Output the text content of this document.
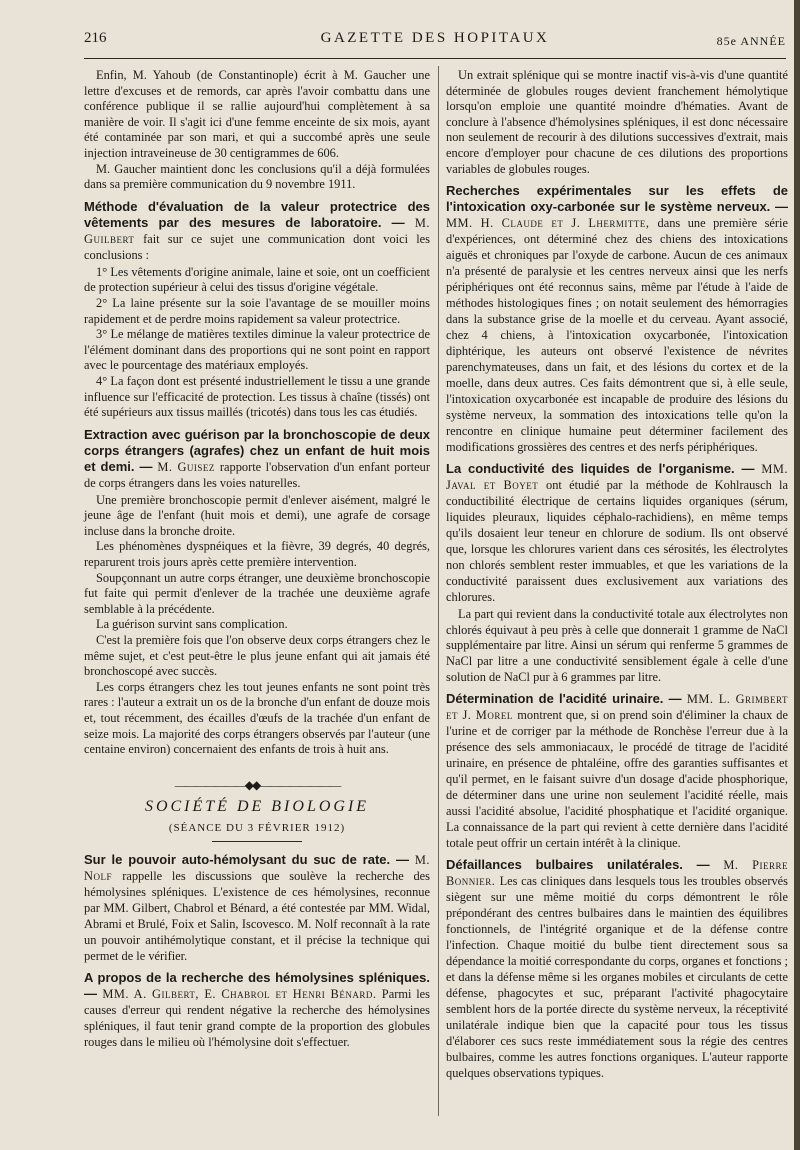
216	GAZETTE DES HOPITAUX	85e ANNÉE

Enfin, M. Yahoub (de Constantinople) écrit à M. Gaucher une lettre d'excuses et de remords, car après l'avoir combattu dans une conférence publique il se rallie aujourd'hui complètement à sa manière de voir. Il s'agit ici d'une femme enceinte de six mois, ayant été contaminée par son mari, et qui a succombé après une seule injection intraveineuse de 30 centigrammes de 606.

M. Gaucher maintient donc les conclusions qu'il a déjà formulées dans sa première communication du 9 novembre 1911.

Méthode d'évaluation de la valeur protectrice des vêtements par des mesures de laboratoire. — M. Guilbert fait sur ce sujet une communication dont voici les conclusions :

1° Les vêtements d'origine animale, laine et soie, ont un coefficient de protection supérieur à celui des tissus d'origine végétale.

2° La laine présente sur la soie l'avantage de se mouiller moins rapidement et de perdre moins rapidement sa valeur protectrice.

3° Le mélange de matières textiles diminue la valeur protectrice de l'élément dominant dans des proportions qui ne sont point en rapport avec le pourcentage des matériaux employés.

4° La façon dont est présenté industriellement le tissu a une grande influence sur l'efficacité de protection. Les tissus à chaîne (tissés) ont été supérieurs aux tissus maillés (tricotés) dans tous les cas étudiés.

Extraction avec guérison par la bronchoscopie de deux corps étrangers (agrafes) chez un enfant de huit mois et demi. — M. Guisez rapporte l'observation d'un enfant porteur de corps étrangers dans les voies naturelles.

Une première bronchoscopie permit d'enlever aisément, malgré le jeune âge de l'enfant (huit mois et demi), une agrafe de corsage incluse dans la bronche droite.

Les phénomènes dyspnéiques et la fièvre, 39 degrés, 40 degrés, reparurent trois jours après cette première intervention.

Soupçonnant un autre corps étranger, une deuxième bronchoscopie fut faite qui permit d'enlever de la trachée une deuxième agrafe semblable à la précédente.

La guérison survint sans complication.

C'est la première fois que l'on observe deux corps étrangers chez le même sujet, et c'est peut-être le plus jeune enfant qui ait jamais été bronchoscopé avec succès.

Les corps étrangers chez les tout jeunes enfants ne sont point très rares : l'auteur a extrait un os de la bronche d'un enfant de douze mois et, tout récemment, des écailles d'œufs de la trachée d'un enfant de seize mois. La majorité des corps étrangers observés par l'auteur (une centaine environ) concernaient des enfants de trois à huit ans.

———————◆◆————————
SOCIÉTÉ DE BIOLOGIE
(SÉANCE DU 3 FÉVRIER 1912)
Sur le pouvoir auto-hémolysant du suc de rate. — M. Nolf rappelle les discussions que soulève la recherche des hémolysines spléniques. L'existence de ces hémolysines, reconnue par MM. Gilbert, Chabrol et Bénard, a été contestée par MM. Widal, Abrami et Brulé, Foix et Salin, Iscovesco. M. Nolf reconnaît à la rate un pouvoir antihémolytique constant, et il précise la technique qui permet de le vérifier.
A propos de la recherche des hémolysines spléniques. — MM. A. Gilbert, E. Chabrol et Henri Bénard. Parmi les causes d'erreur qui rendent négative la recherche des hémolysines spléniques, il faut tenir grand compte de la proportion des globules rouges dans le milieu où l'hémolysine doit s'effectuer.

Un extrait splénique qui se montre inactif vis-à-vis d'une quantité déterminée de globules rouges devient franchement hémolytique lorsqu'on emploie une quantité moindre d'hématies. Avant de conclure à l'absence d'hémolysines spléniques, il est donc nécessaire non seulement de recourir à des dilutions successives d'extrait, mais encore d'employer pour chacune de ces dilutions des proportions variables de globules rouges.

Recherches expérimentales sur les effets de l'intoxication oxy-carbonée sur le système nerveux. — MM. H. Claude et J. Lhermitte, dans une première série d'expériences, ont déterminé chez des chiens des intoxications aiguës et chroniques par l'oxyde de carbone. Aucun de ces animaux n'a présenté de paralysie et les centres nerveux ainsi que les nerfs périphériques ont été reconnus sains, même par l'étude à l'aide de méthodes histologiques fines ; on notait seulement des hémorragies dans la substance grise de la moelle et du cerveau. Ayant associé, chez 4 chiens, à l'intoxication oxycarbonée, l'intoxication diphtérique, les auteurs ont observé l'existence de névrites parenchymateuses, dans un fait, et des lésions du cortex et de la moelle, dans deux autres. Ces faits démontrent que si, à elle seule, l'intoxication oxycarbonée est incapable de produire des lésions du système nerveux, la sommation des intoxications telle qu'on la rencontre en clinique humaine peut déterminer facilement des modifications grossières des centres et des nerfs périphériques.
La conductivité des liquides de l'organisme. — MM. Javal et Boyet ont étudié par la méthode de Kohlrausch la conductibilité électrique de certains liquides organiques (sérum, liquides pleuraux, liquides céphalo-rachidiens), en même temps qu'ils dosaient leur teneur en chlorure de sodium. Ils ont observé que, lorsque les chlorures varient dans ces sérosités, les électrolytes non chlorés semblent rester immuables, et que les variations de la conductivité paraissent dues exclusivement aux variations des chlorures.

La part qui revient dans la conductivité totale aux électrolytes non chlorés équivaut à peu près à celle que donnerait 1 gramme de NaCl supplémentaire par litre. Ainsi un sérum qui renferme 5 grammes de NaCl par litre a une conductivité sensiblement égale à celle d'une solution de NaCl pur à 6 grammes par litre.

Détermination de l'acidité urinaire. — MM. L. Grimbert et J. Morel montrent que, si on prend soin d'éliminer la chaux de l'urine et de corriger par la méthode de Ronchèse l'erreur due à la présence des sels ammoniacaux, le procédé de titrage de l'acidité urinaire, en présence de phtaléine, offre des garanties suffisantes et qu'il permet, en le faisant suivre d'un dosage d'acide phosphorique, de déterminer dans une urine non seulement l'acidité réelle, mais aussi l'acidité absolue, l'acidité phosphatique et l'acidité organique. La connaissance de la part qui revient à cette dernière dans l'acidité totale peut offrir un certain intérêt à la clinique.
Défaillances bulbaires unilatérales. — M. Pierre Bonnier. Les cas cliniques dans lesquels tous les troubles observés siègent sur une même moitié du corps démontrent le rôle prépondérant des centres bulbaires dans le maintien des équilibres fonctionnels, de l'intégrité organique et de la défense contre l'infection. Chaque moitié du bulbe tient directement sous sa dépendance la moitié correspondante du corps, organes et fonctions ; et dans la défense même si les organes mobiles et circulants de cette défense, phagocytes et suc, préparant l'activité phagocytaire semblent hors de la portée directe du système nerveux, la réceptivité unilatérale indique bien que la capacité pour tous les tissus d'élaborer ces sucs reste immédiatement sous la régie des centres bulbaires, comme les autres fonctions organiques. L'auteur rapporte quelques observations typiques.
